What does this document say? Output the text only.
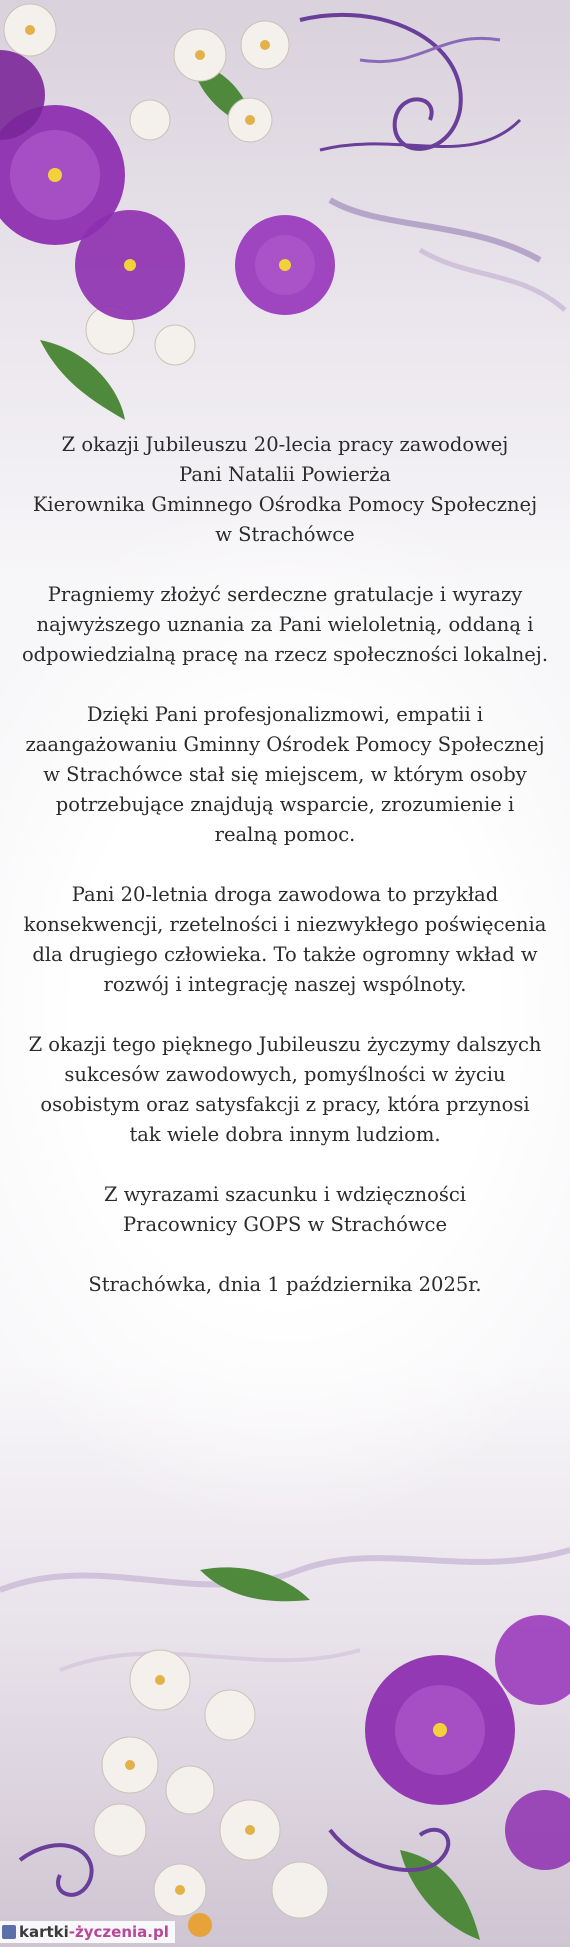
Z okazji Jubileuszu 20-lecia pracy zawodowej
Pani Natalii Powierża
Kierownika Gminnego Ośrodka Pomocy Społecznej
w Strachówce

Pragniemy złożyć serdeczne gratulacje i wyrazy
najwyższego uznania za Pani wieloletnią, oddaną i
odpowiedzialną pracę na rzecz społeczności lokalnej.

Dzięki Pani profesjonalizmowi, empatii i
zaangażowaniu Gminny Ośrodek Pomocy Społecznej
w Strachówce stał się miejscem, w którym osoby
potrzebujące znajdują wsparcie, zrozumienie i
realną pomoc.

Pani 20-letnia droga zawodowa to przykład
konsekwencji, rzetelności i niezwykłego poświęcenia
dla drugiego człowieka. To także ogromny wkład w
rozwój i integrację naszej wspólnoty.

Z okazji tego pięknego Jubileuszu życzymy dalszych
sukcesów zawodowych, pomyślności w życiu
osobistym oraz satysfakcji z pracy, która przynosi
tak wiele dobra innym ludziom.

Z wyrazami szacunku i wdzięczności
Pracownicy GOPS w Strachówce

Strachówka, dnia 1 października 2025r.

kartki -życzenia.pl
